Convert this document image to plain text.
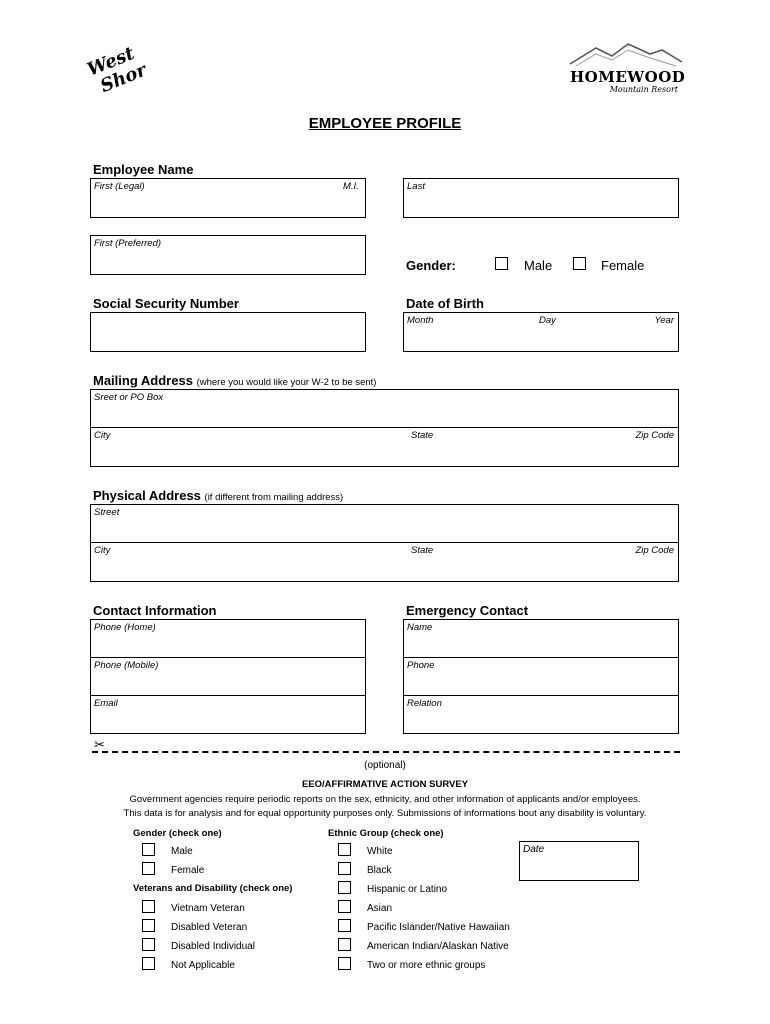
West
Shore	HOMEWOOD
Mountain Resort
EMPLOYEE PROFILE
Employee Name
First (Legal)	M.I.	Last
First (Preferred)
Gender:	Male	Female
Social Security Number	Date of Birth
Month	Day	Year
Mailing Address (where you would like your W-2 to be sent)
Sreet or PO Box
City	State	Zip Code
Physical Address (if different from mailing address)
Street
City	State	Zip Code
Contact Information
Phone (Home)
Phone (Mobile)
Email
Emergency Contact
Name
Phone
Relation
✂
(optional)
EEO/AFFIRMATIVE ACTION SURVEY
Government agencies require periodic reports on the sex, ethnicity, and other information of applicants and/or employees.
This data is for analysis and for equal opportunity purposes only. Submissions of informations bout any disability is voluntary.
Gender (check one)
Male
Female
Veterans and Disability (check one)
Vietnam Veteran
Disabled Veteran
Disabled Individual
Not Applicable
Ethnic Group (check one)
White
Black
Hispanic or Latino
Asian
Pacific Islander/Native Hawaiian
American Indian/Alaskan Native
Two or more ethnic groups
Date
